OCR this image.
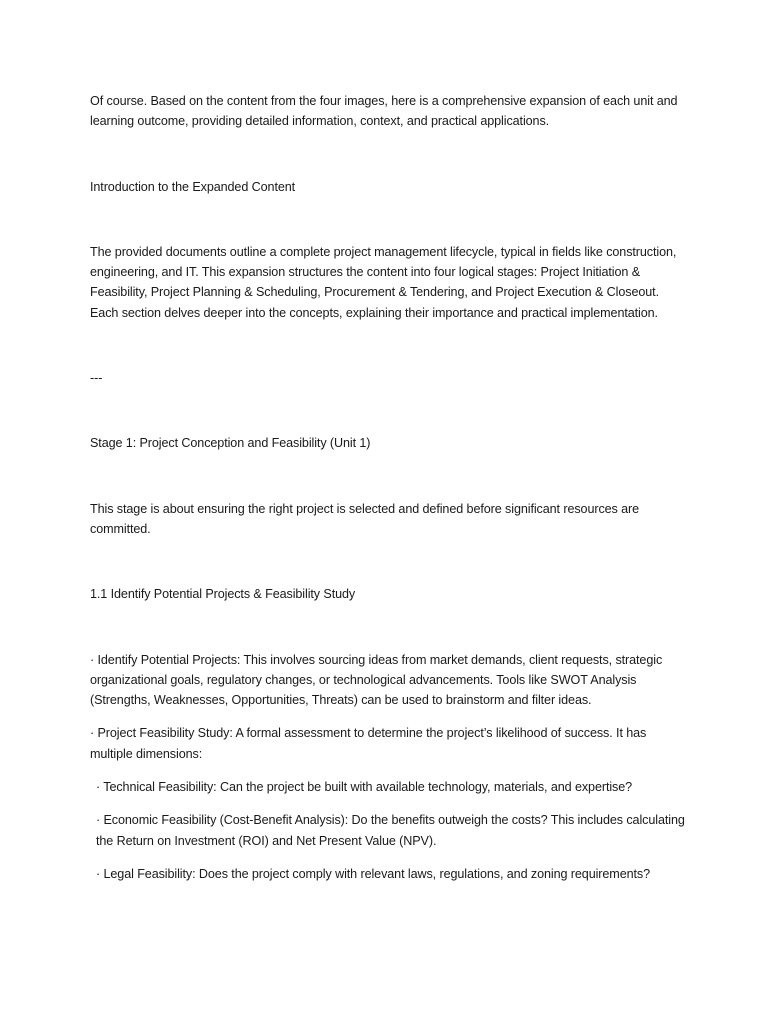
Of course. Based on the content from the four images, here is a comprehensive expansion of each unit and learning outcome, providing detailed information, context, and practical applications.

Introduction to the Expanded Content

The provided documents outline a complete project management lifecycle, typical in fields like construction, engineering, and IT. This expansion structures the content into four logical stages: Project Initiation & Feasibility, Project Planning & Scheduling, Procurement & Tendering, and Project Execution & Closeout. Each section delves deeper into the concepts, explaining their importance and practical implementation.

---

Stage 1: Project Conception and Feasibility (Unit 1)

This stage is about ensuring the right project is selected and defined before significant resources are committed.

1.1 Identify Potential Projects & Feasibility Study

· Identify Potential Projects: This involves sourcing ideas from market demands, client requests, strategic organizational goals, regulatory changes, or technological advancements. Tools like SWOT Analysis (Strengths, Weaknesses, Opportunities, Threats) can be used to brainstorm and filter ideas.

· Project Feasibility Study: A formal assessment to determine the project’s likelihood of success. It has multiple dimensions:

· Technical Feasibility: Can the project be built with available technology, materials, and expertise?

· Economic Feasibility (Cost-Benefit Analysis): Do the benefits outweigh the costs? This includes calculating the Return on Investment (ROI) and Net Present Value (NPV).

· Legal Feasibility: Does the project comply with relevant laws, regulations, and zoning requirements?
